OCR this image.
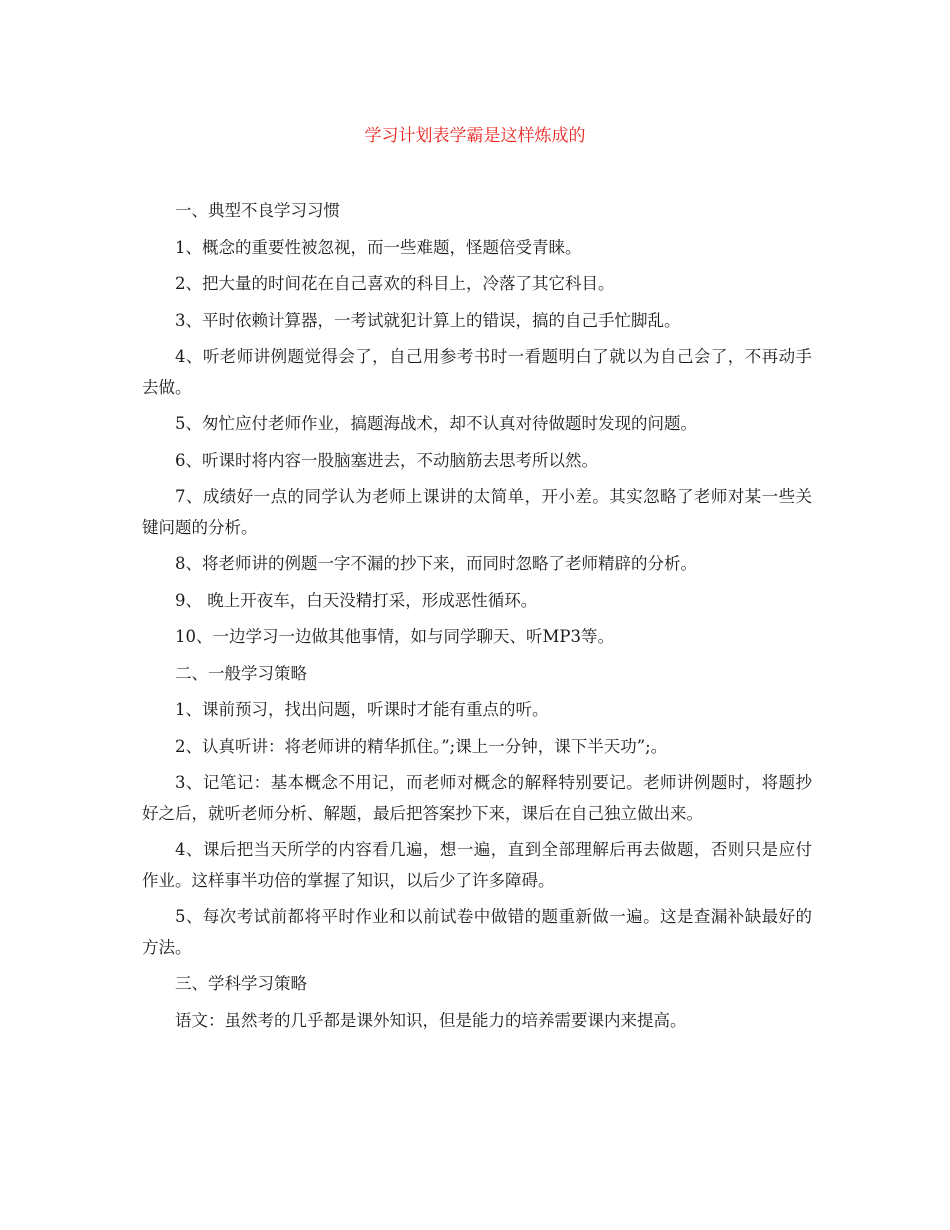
学习计划表学霸是这样炼成的

一、典型不良学习习惯

1、概念的重要性被忽视，而一些难题，怪题倍受青睐。

2、把大量的时间花在自己喜欢的科目上，冷落了其它科目。

3、平时依赖计算器，一考试就犯计算上的错误，搞的自己手忙脚乱。

4、听老师讲例题觉得会了，自己用参考书时一看题明白了就以为自己会了，不再动手去做。

5、匆忙应付老师作业，搞题海战术，却不认真对待做题时发现的问题。

6、听课时将内容一股脑塞进去，不动脑筋去思考所以然。

7、成绩好一点的同学认为老师上课讲的太简单，开小差。其实忽略了老师对某一些关键问题的分析。

8、将老师讲的例题一字不漏的抄下来，而同时忽略了老师精辟的分析。

9、 晚上开夜车，白天没精打采，形成恶性循环。

10、一边学习一边做其他事情，如与同学聊天、听MP3等。

二、一般学习策略

1、课前预习，找出问题，听课时才能有重点的听。

2、认真听讲：将老师讲的精华抓住。”;课上一分钟，课下半天功”;。

3、记笔记：基本概念不用记，而老师对概念的解释特别要记。老师讲例题时，将题抄好之后，就听老师分析、解题，最后把答案抄下来，课后在自己独立做出来。

4、课后把当天所学的内容看几遍，想一遍，直到全部理解后再去做题，否则只是应付作业。这样事半功倍的掌握了知识，以后少了许多障碍。

5、每次考试前都将平时作业和以前试卷中做错的题重新做一遍。这是查漏补缺最好的方法。

三、学科学习策略

语文：虽然考的几乎都是课外知识，但是能力的培养需要课内来提高。
